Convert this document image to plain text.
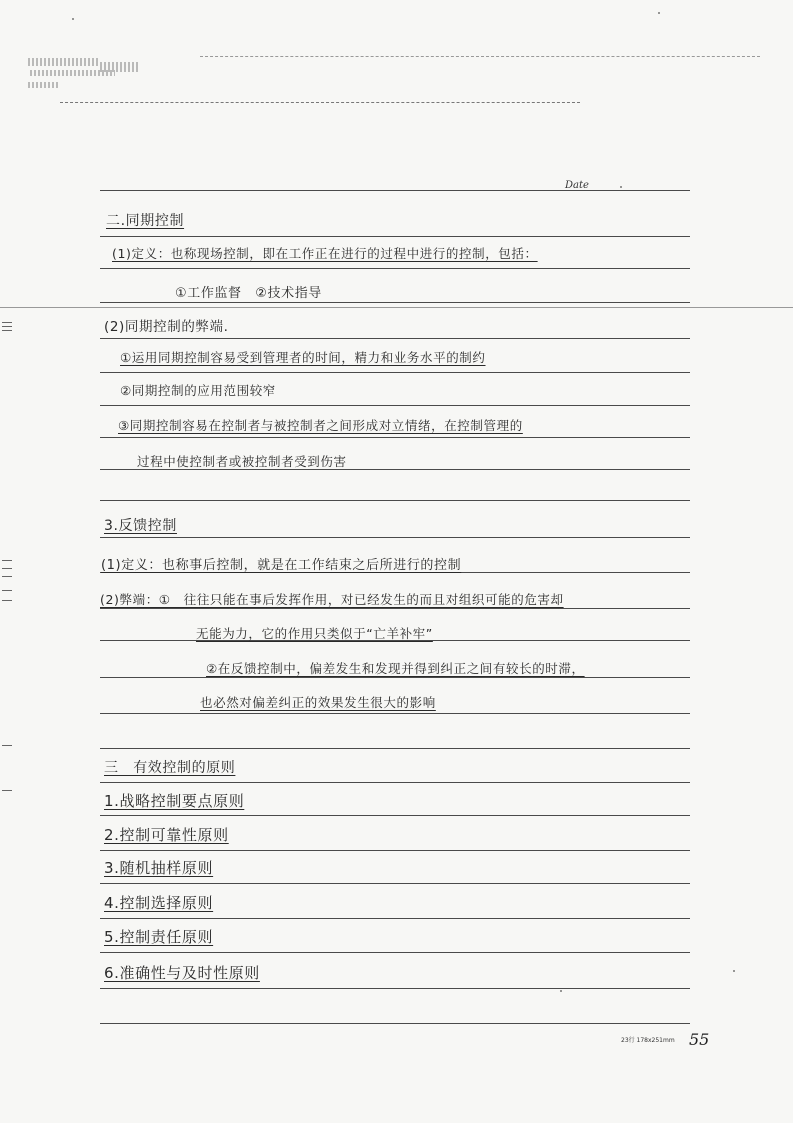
Date
二.同期控制
(1)定义：也称现场控制，即在工作正在进行的过程中进行的控制，包括：
①工作监督　②技术指导
(2)同期控制的弊端.
①运用同期控制容易受到管理者的时间，精力和业务水平的制约
②同期控制的应用范围较窄
③同期控制容易在控制者与被控制者之间形成对立情绪，在控制管理的
过程中使控制者或被控制者受到伤害
3.反馈控制
(1)定义：也称事后控制，就是在工作结束之后所进行的控制
(2)弊端：①　往往只能在事后发挥作用，对已经发生的而且对组织可能的危害却
无能为力，它的作用只类似于“亡羊补牢”
②在反馈控制中，偏差发生和发现并得到纠正之间有较长的时滞，
也必然对偏差纠正的效果发生很大的影响
三　有效控制的原则
1.战略控制要点原则
2.控制可靠性原则
3.随机抽样原则
4.控制选择原则
5.控制责任原则
6.准确性与及时性原则
23行 178x251mm 55
